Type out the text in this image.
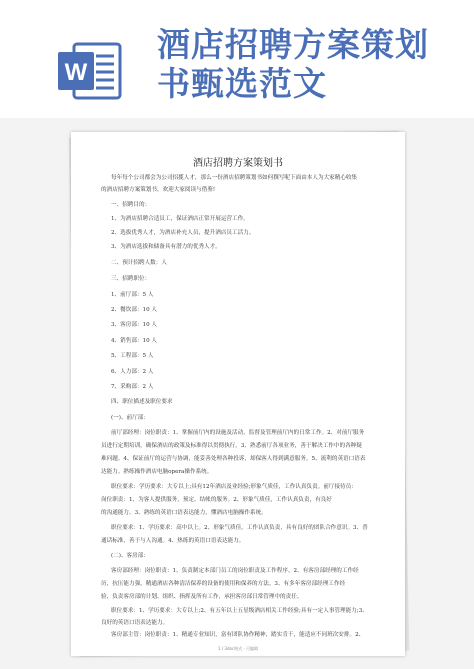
W
酒店招聘方案策划
书甄选范文
酒店招聘方案策划书
每年每个公司都会为公司招揽人才，那么一份酒店招聘策划书如何撰写呢下面由本人为大家精心收集
的酒店招聘方案策划书，欢迎大家阅读与借鉴!
一、招聘目的：
1、为酒店招聘合适员工，保证酒店正常开展运营工作。
2、选拔优秀人才，为酒店补充人员，提升酒店员工活力。
3、为酒店选拔和储备具有潜力的优秀人才。
二、预计招聘人数：人
三、招聘职位：
1、前厅部：5 人
2、餐饮部：10 人
3、客房部：10 人
4、销售部：10 人
5、工程部：5 人
6、人力部：2 人
7、采购部：2 人
四、职位描述及职位要求
(一)、前厅部：
前厅部经理：岗位职责：1、掌握前厅内的设施及活动，监督及管理前厅内的日常工作。2、对前厅服务
员进行定期培训，确保酒店的政策及标准得以贯彻执行。3、熟悉前厅各项业务，善于解决工作中的各种疑
难问题。4、保证前厅的运营与协调，能妥善处理各种投诉，却保客人得到满意服务。5、流利的英语口语表
达能力。熟练操作酒店电脑opera操作系统。
职位要求：学历要求：大专以上;具有12年酒店及业经验;形象气质佳，工作认真负责。前厅接待员：
岗位职责：1、为客人提供服务，预定、结帐的服务。2、形象气质佳，工作认真负责，有良好
的沟通能力。3、熟练的英语口语表达能力，懂酒店电脑操作系统。
职位要求：1、学历要求：高中以上。2、形象气质佳，工作认真负责，具有良好的团队合作意识。3、普
通话标准，善于与人沟通。4、热练的英语口语表达能力。
(二)、客房部：
客房部经理：岗位职责：1、负责制定本部门员工的岗位职责及工作程序。2、有客房部经理的工作经
历，抗压能力强，精通酒店各种清洁保养的设备的使用和保养的方法。3、有多年客房部经理工作经
验，负责客房部的计划、组织、指挥及所有工作，承担客房部日常管理中的责任。
职位要求：1、学历要求：大专以上;2、有五年以上五星级酒店相关工作经验;具有一定人事管理能力;3、
良好的英语口语表达能力。
客房部主管：岗位职责：1、精通专业知识，富有团队协作精神，踏实肯干，能适应不同班次安排。2、
1 / 3doc格式 · 可编辑
